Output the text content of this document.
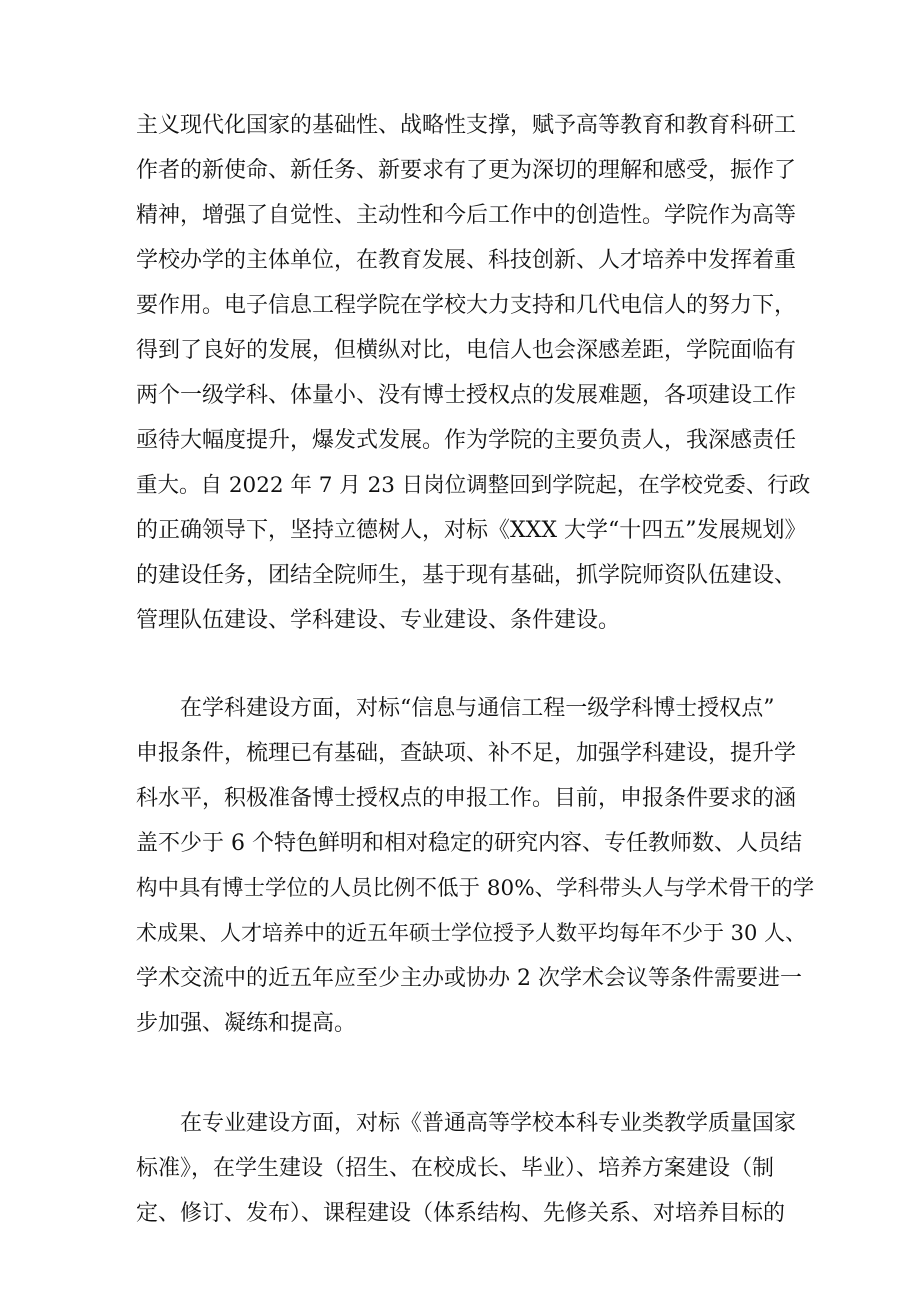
主义现代化国家的基础性、战略性支撑，赋予高等教育和教育科研工
作者的新使命、新任务、新要求有了更为深切的理解和感受，振作了
精神，增强了自觉性、主动性和今后工作中的创造性。学院作为高等
学校办学的主体单位，在教育发展、科技创新、人才培养中发挥着重
要作用。电子信息工程学院在学校大力支持和几代电信人的努力下，
得到了良好的发展，但横纵对比，电信人也会深感差距，学院面临有
两个一级学科、体量小、没有博士授权点的发展难题，各项建设工作
亟待大幅度提升，爆发式发展。作为学院的主要负责人，我深感责任
重大。自 2022 年 7 月 23 日岗位调整回到学院起，在学校党委、行政
的正确领导下，坚持立德树人，对标《XXX 大学“十四五”发展规划》
的建设任务，团结全院师生，基于现有基础，抓学院师资队伍建设、
管理队伍建设、学科建设、专业建设、条件建设。
在学科建设方面，对标“信息与通信工程一级学科博士授权点”
申报条件，梳理已有基础，查缺项、补不足，加强学科建设，提升学
科水平，积极准备博士授权点的申报工作。目前，申报条件要求的涵
盖不少于 6 个特色鲜明和相对稳定的研究内容、专任教师数、人员结
构中具有博士学位的人员比例不低于 80%、学科带头人与学术骨干的学
术成果、人才培养中的近五年硕士学位授予人数平均每年不少于 30 人、
学术交流中的近五年应至少主办或协办 2 次学术会议等条件需要进一
步加强、凝练和提高。
在专业建设方面，对标《普通高等学校本科专业类教学质量国家
标准》，在学生建设（招生、在校成长、毕业）、培养方案建设（制
定、修订、发布）、课程建设（体系结构、先修关系、对培养目标的
